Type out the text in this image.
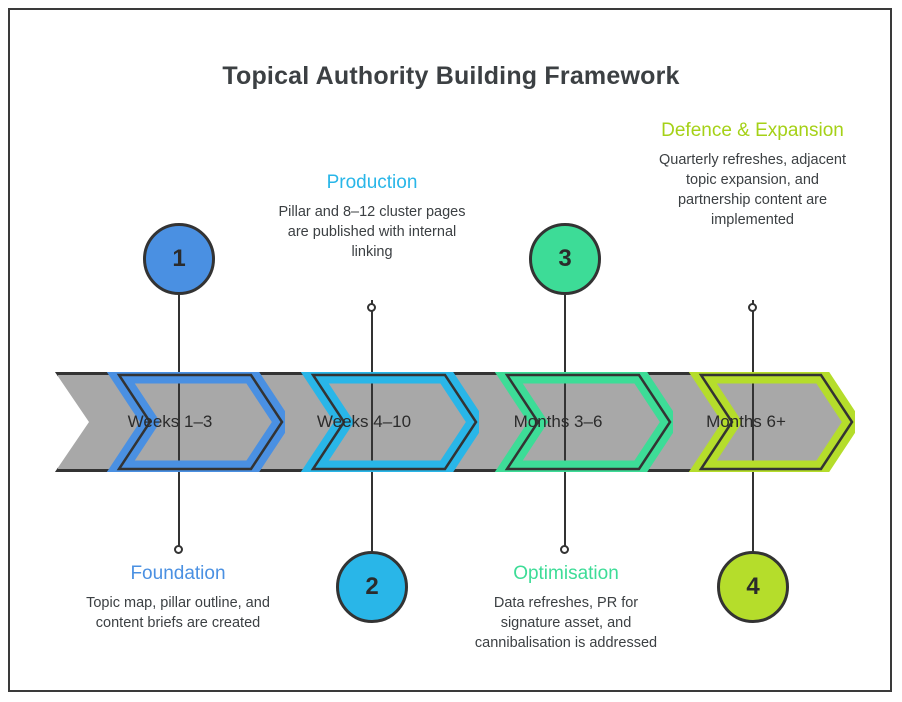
Topical Authority Building Framework
Weeks 1–3	Weeks 4–10	Months 3–6	Months 6+
1
Foundation
Topic map, pillar outline, and content briefs are created
2
Production
Pillar and 8–12 cluster pages are published with internal linking	3
Optimisation
Data refreshes, PR for signature asset, and cannibalisation is addressed
4
Defence & Expansion
Quarterly refreshes, adjacent topic expansion, and partnership content are implemented
